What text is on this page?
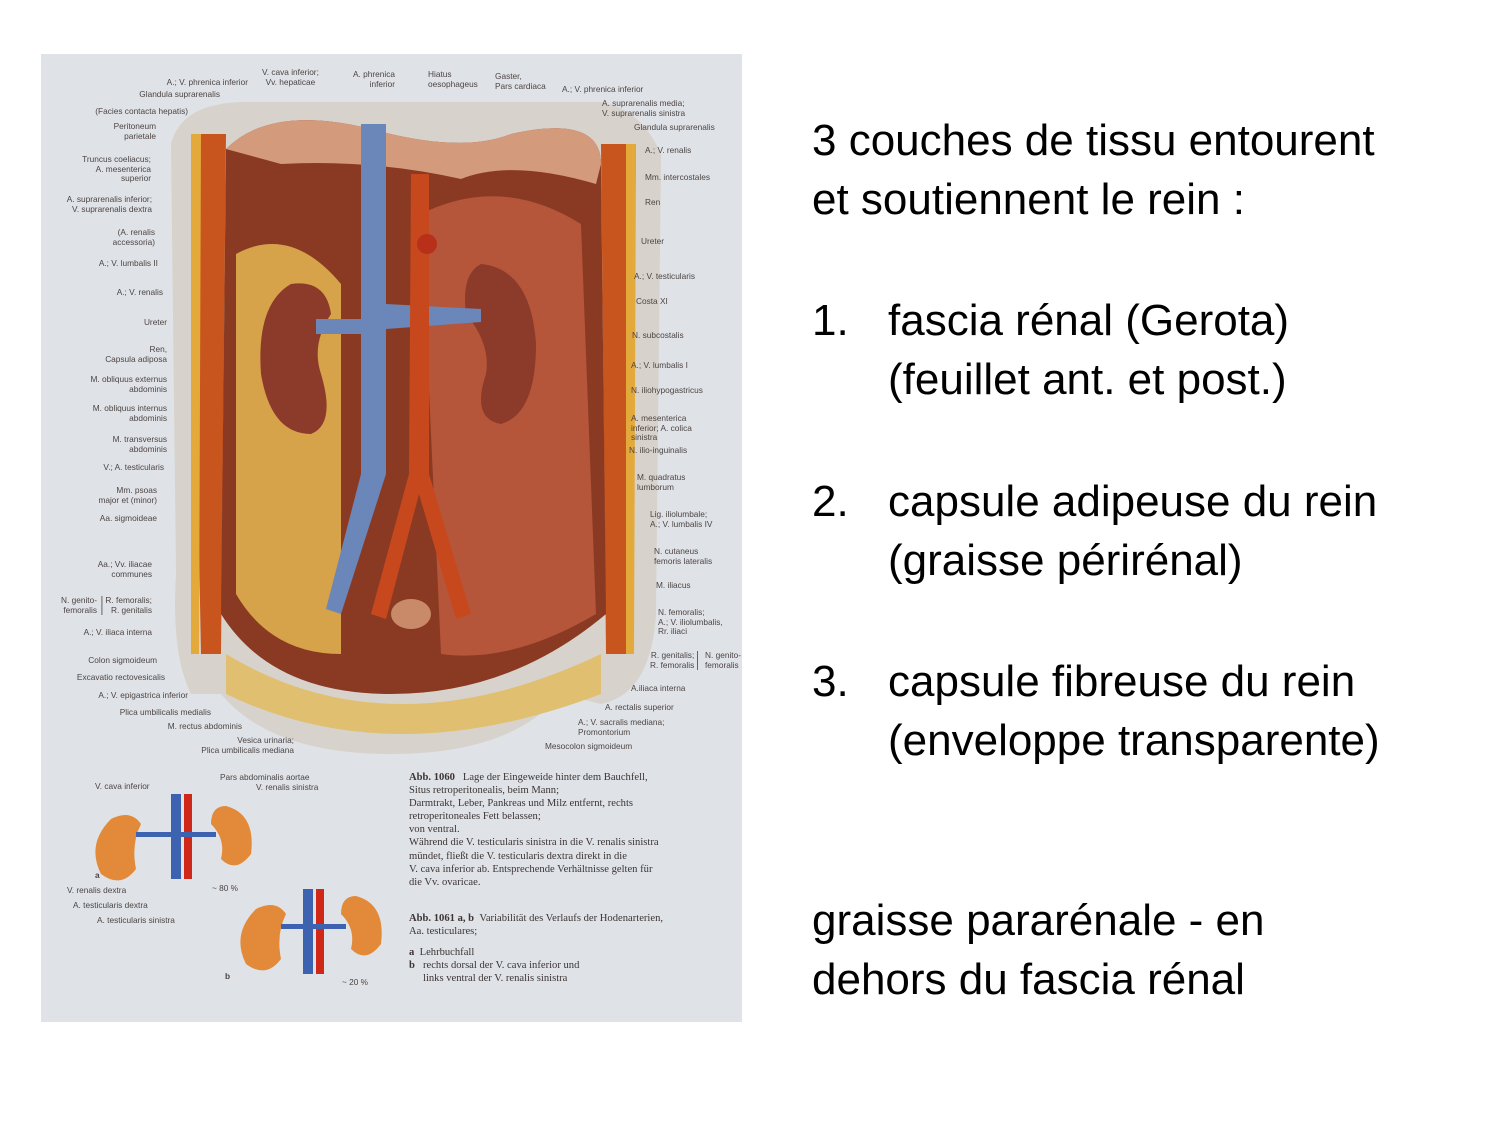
A.; V. phrenica inferior
Glandula suprarenalis
(Facies contacta hepatis)
Peritoneum
parietale
V. cava inferior;
Vv. hepaticae
A. phrenica
inferior
Hiatus
oesophageus
Gaster,
Pars cardiaca A.; V. phrenica inferior
A. suprarenalis media;
V. suprarenalis sinistra
Glandula suprarenalis
Truncus coeliacus;
A. mesenterica
superior
A. suprarenalis inferior;
V. suprarenalis dextra
(A. renalis
accessoria)
A.; V. lumbalis II
A.; V. renalis
Ureter
Ren,
Capsula adiposa
M. obliquus externus
abdominis
M. obliquus internus
abdominis
M. transversus
abdominis
V.; A. testicularis
Mm. psoas
major et (minor)
Aa. sigmoideae
Aa.; Vv. iliacae
communes
N. genito-
femoralis
R. femoralis;
R. genitalis
A.; V. iliaca interna
Colon sigmoideum
Excavatio rectovesicalis
A.; V. epigastrica inferior
Plica umbilicalis medialis
M. rectus abdominis
Vesica urinaria;
Plica umbilicalis mediana
A.; V. renalis
Mm. intercostales
Ren
Ureter
A.; V. testicularis
Costa XI
N. subcostalis
A.; V. lumbalis I
N. iliohypogastricus
A. mesenterica
inferior; A. colica
sinistra
N. ilio-inguinalis
M. quadratus
lumborum
Lig. iliolumbale;
A.; V. lumbalis IV
N. cutaneus
femoris lateralis
M. iliacus
N. femoralis;
A.; V. iliolumbalis,
Rr. iliaci
R. genitalis;
R. femoralis
N. genito-
femoralis
A.iliaca interna
A. rectalis superior
A.; V. sacralis mediana;
Promontorium
Mesocolon sigmoideum
Pars abdominalis aortae
V. renalis sinistra
V. cava inferior
a
V. renalis dextra	~ 80 %
A. testicularis dextra
A. testicularis sinistra
b
~ 20 %
Abb. 1060 Lage der Eingeweide hinter dem Bauchfell,
Situs retroperitonealis, beim Mann;
Darmtrakt, Leber, Pankreas und Milz entfernt, rechts
retroperitoneales Fett belassen;
von ventral.
Während die V. testicularis sinistra in die V. renalis sinistra
mündet, fließt die V. testicularis dextra direkt in die
V. cava inferior ab. Entsprechende Verhältnisse gelten für
die Vv. ovaricae.
Abb. 1061 a, b Variabilität des Verlaufs der Hodenarterien,
Aa. testiculares;
a Lehrbuchfall
b rechts dorsal der V. cava inferior und
links ventral der V. renalis sinistra
3 couches de tissu entourent
et soutiennent le rein :
1. fascia rénal (Gerota)
(feuillet ant. et post.)
2. capsule adipeuse du rein
(graisse périrénal)
3. capsule fibreuse du rein
(enveloppe transparente)
graisse pararénale - en
dehors du fascia rénal
